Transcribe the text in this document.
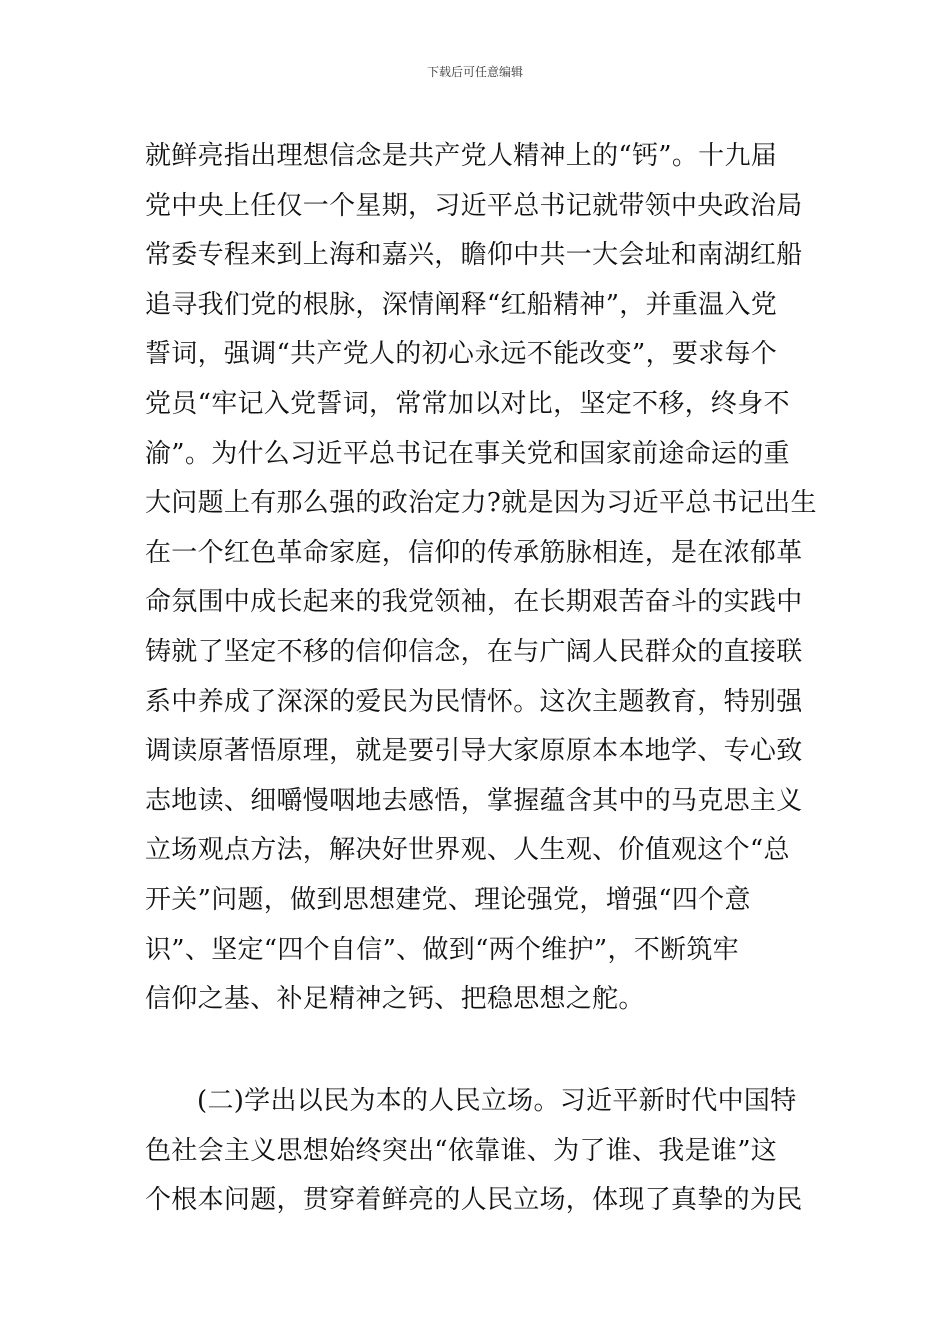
下载后可任意编辑
就鲜亮指出理想信念是共产党人精神上的“钙”。十九届
党中央上任仅一个星期，习近平总书记就带领中央政治局
常委专程来到上海和嘉兴，瞻仰中共一大会址和南湖红船
追寻我们党的根脉，深情阐释“红船精神”，并重温入党
誓词，强调“共产党人的初心永远不能改变”，要求每个
党员“牢记入党誓词，常常加以对比，坚定不移，终身不
渝”。为什么习近平总书记在事关党和国家前途命运的重
大问题上有那么强的政治定力?就是因为习近平总书记出生
在一个红色革命家庭，信仰的传承筋脉相连，是在浓郁革
命氛围中成长起来的我党领袖，在长期艰苦奋斗的实践中
铸就了坚定不移的信仰信念，在与广阔人民群众的直接联
系中养成了深深的爱民为民情怀。这次主题教育，特别强
调读原著悟原理，就是要引导大家原原本本地学、专心致
志地读、细嚼慢咽地去感悟，掌握蕴含其中的马克思主义
立场观点方法，解决好世界观、人生观、价值观这个“总
开关”问题，做到思想建党、理论强党，增强“四个意
识”、坚定“四个自信”、做到“两个维护”，不断筑牢
信仰之基、补足精神之钙、把稳思想之舵。
(二)学出以民为本的人民立场。习近平新时代中国特
色社会主义思想始终突出“依靠谁、为了谁、我是谁”这
个根本问题，贯穿着鲜亮的人民立场，体现了真挚的为民
